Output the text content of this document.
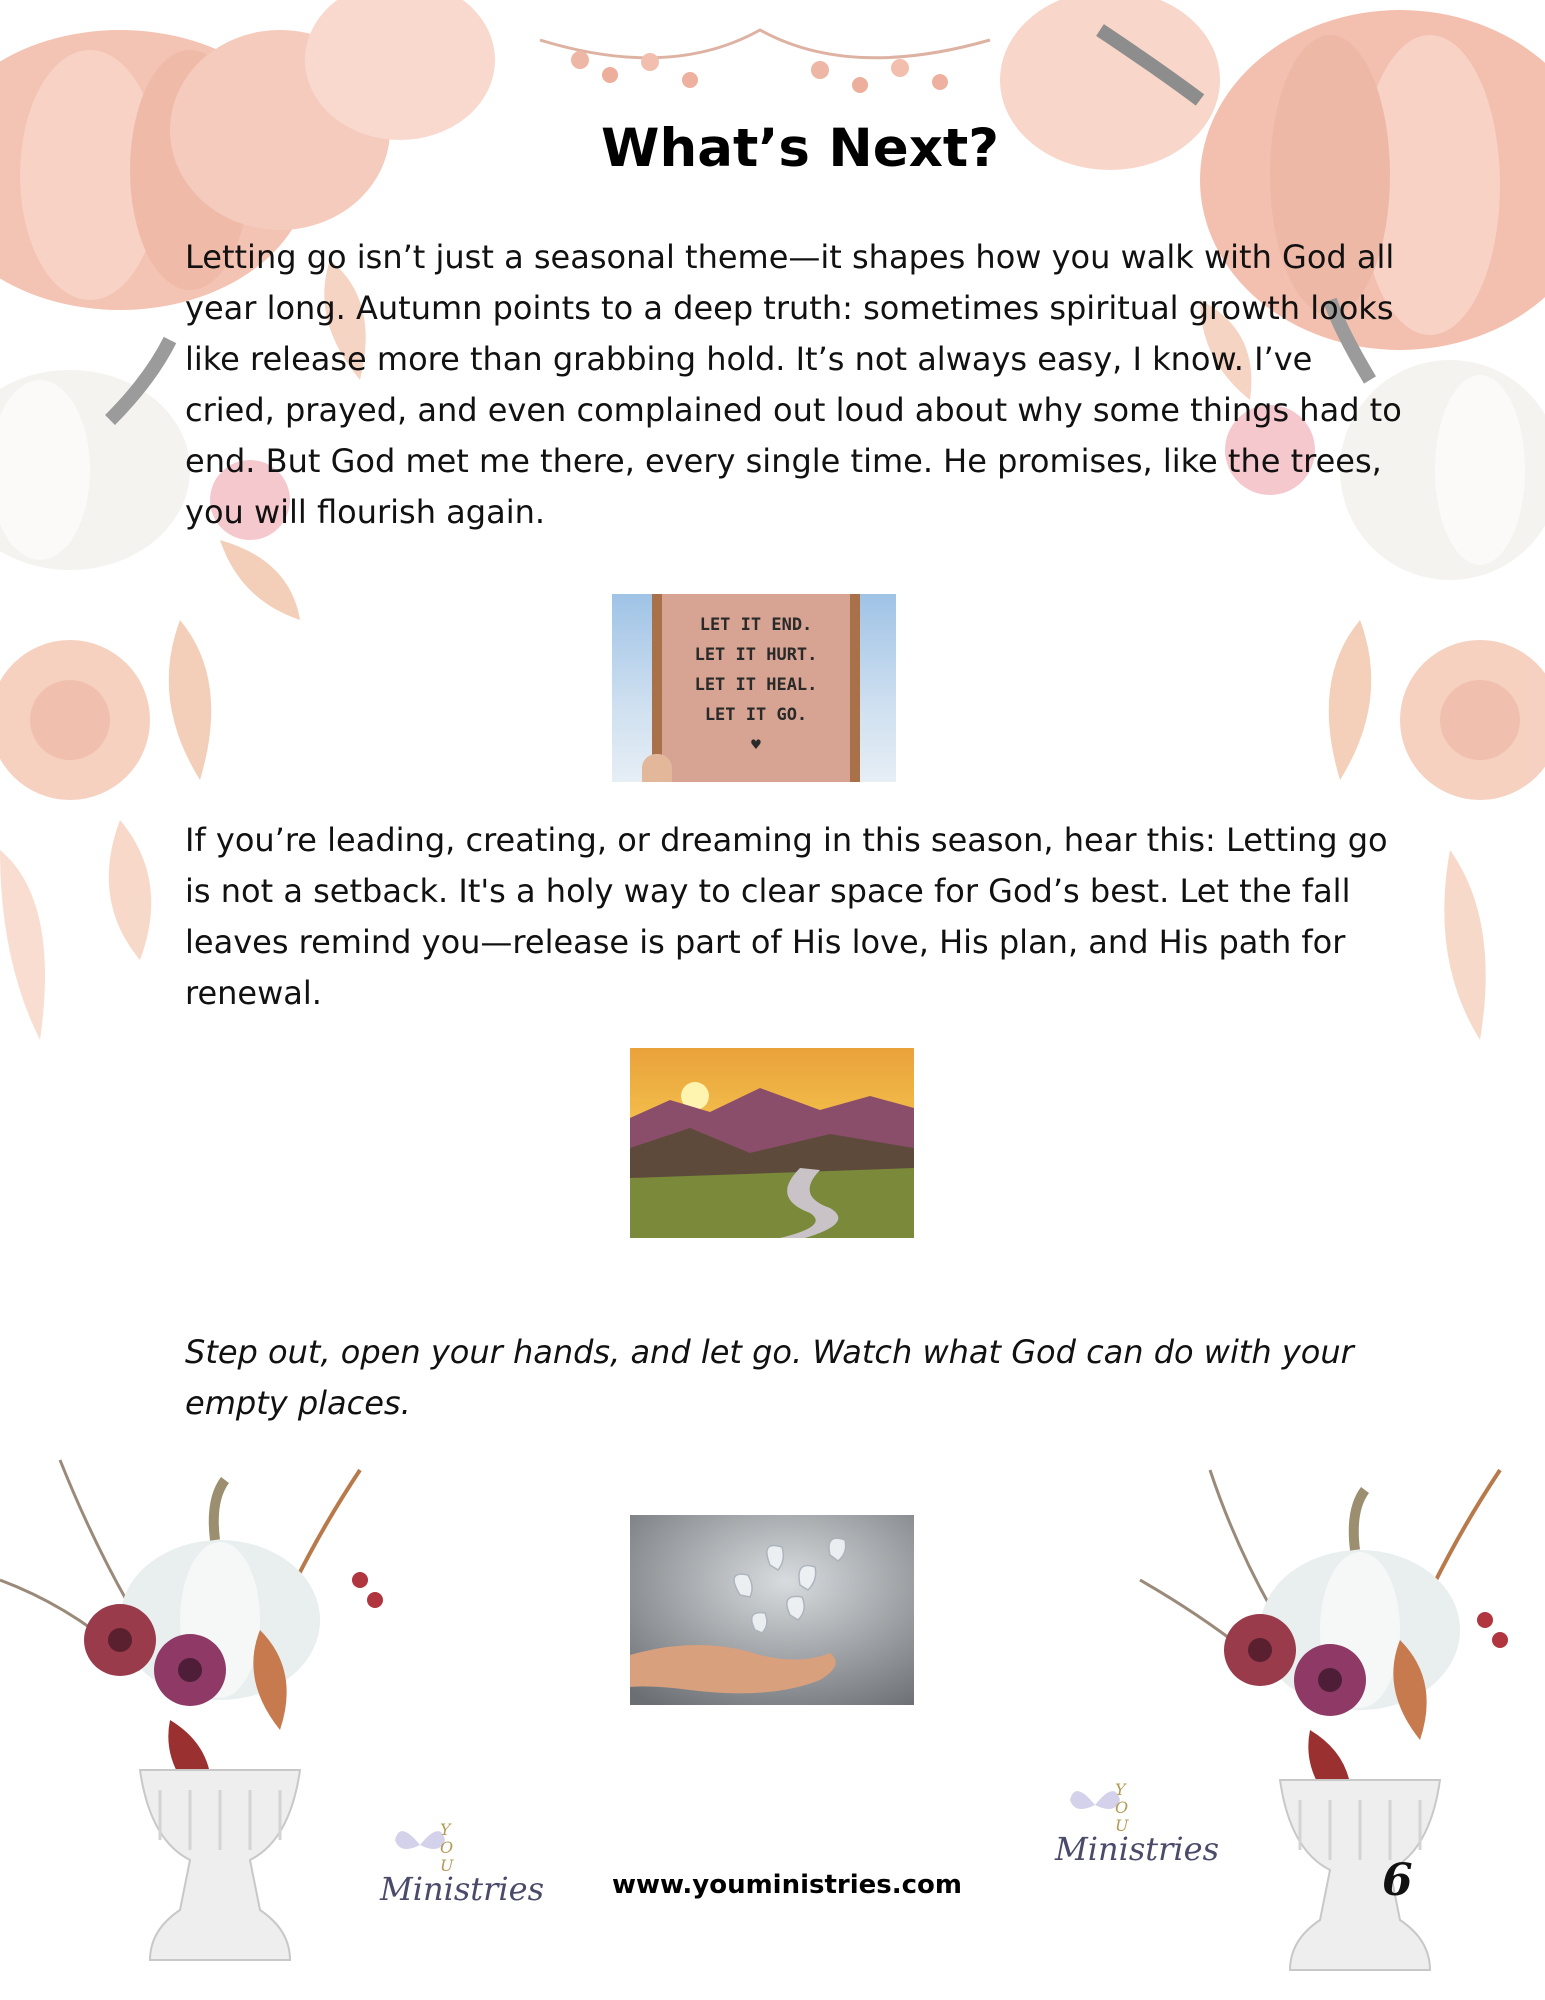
What’s Next?

Letting go isn’t just a seasonal theme—it shapes how you walk with God all year long. Autumn points to a deep truth: sometimes spiritual growth looks like release more than grabbing hold. It’s not always easy, I know. I’ve cried, prayed, and even complained out loud about why some things had to end. But God met me there, every single time. He promises, like the trees, you will flourish again.

LET IT END.
LET IT HURT.
LET IT HEAL.
LET IT GO.
♥

If you’re leading, creating, or dreaming in this season, hear this: Letting go is not a setback. It's a holy way to clear space for God’s best. Let the fall leaves remind you—release is part of His love, His plan, and His path for renewal.

Step out, open your hands, and let go. Watch what God can do with your empty places.

Y
O
U
Ministries
Y
O
U
Ministries
www.youministries.com	6
